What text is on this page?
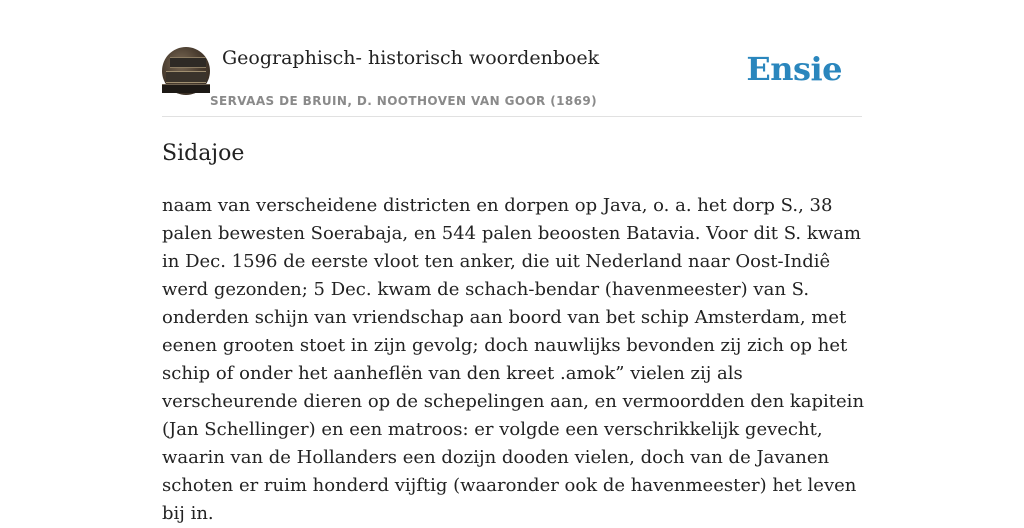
Geographisch- historisch woordenboek
SERVAAS DE BRUIN, D. NOOTHOVEN VAN GOOR (1869)
Ensie
Sidajoe

naam van verscheidene districten en dorpen op Java, o. a. het dorp S., 38 palen bewesten Soerabaja, en 544 palen beoosten Batavia. Voor dit S. kwam in Dec. 1596 de eerste vloot ten anker, die uit Nederland naar Oost-Indiê werd gezonden; 5 Dec. kwam de schach-bendar (havenmeester) van S. onderden schijn van vriendschap aan boord van bet schip Amsterdam, met eenen grooten stoet in zijn gevolg; doch nauwlijks bevonden zij zich op het schip of onder het aanheflën van den kreet .amok” vielen zij als verscheurende dieren op de schepelingen aan, en vermoordden den kapitein (Jan Schellinger) en een matroos: er volgde een verschrikkelijk gevecht, waarin van de Hollanders een dozijn dooden vielen, doch van de Javanen schoten er ruim honderd vijftig (waaronder ook de havenmeester) het leven bij in.
